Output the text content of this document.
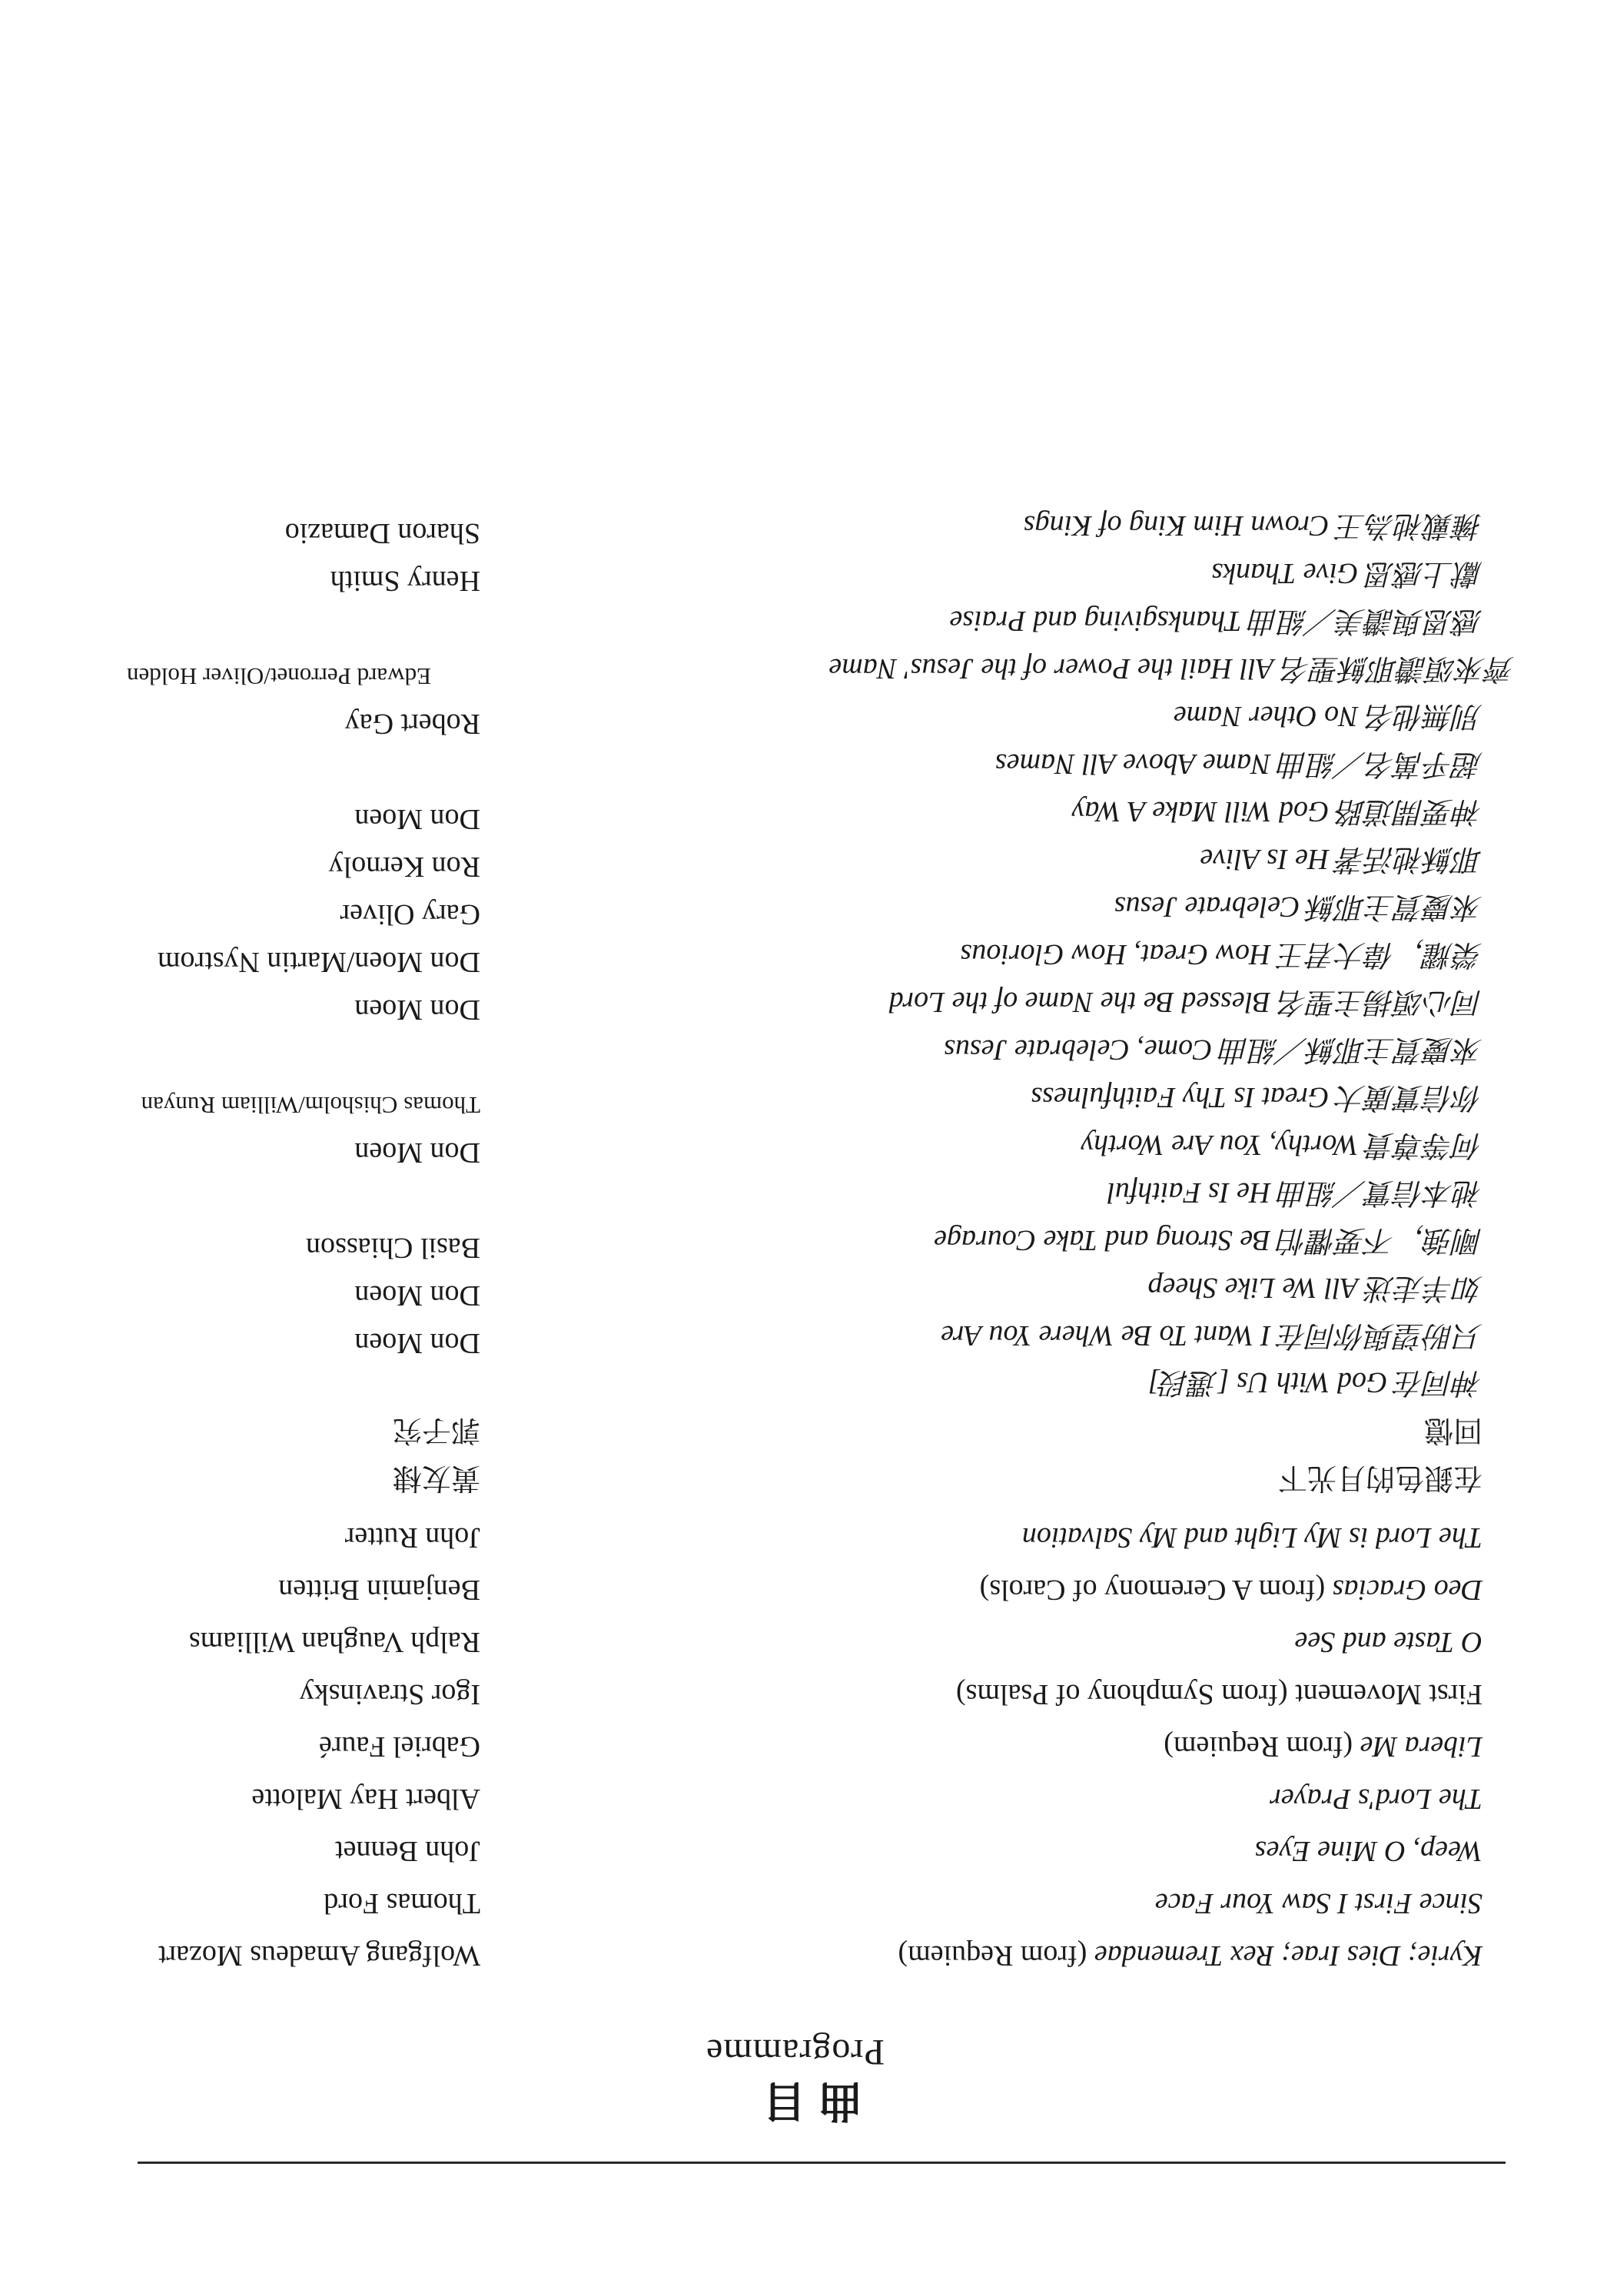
曲目
Programme
Kyrie; Dies Irae; Rex Tremendae (from Requiem)
Wolfgang Amadeus Mozart
Since First I Saw Your Face
Thomas Ford
Weep, O Mine Eyes
John Bennet
The Lord's Prayer
Albert Hay Malotte
Libera Me (from Requiem)
Gabriel Fauré
First Movement (from Symphony of Psalms)
Igor Stravinsky
O Taste and See
Ralph Vaughan Williams
Deo Gracias (from A Ceremony of Carols)
Benjamin Britten
The Lord is My Light and My Salvation
John Rutter
在銀色的月光下
黃友棣
回憶
郭子究
神同在 God With Us [選段]
只盼望與你同在 I Want To Be Where You Are
Don Moen
如羊走迷 All We Like Sheep
Don Moen
剛強，不要懼怕 Be Strong and Take Courage
Basil Chiasson
祂本信實／組曲 He Is Faithful
何等尊貴 Worthy, You Are Worthy
Don Moen
你信實廣大 Great Is Thy Faithfulness
Thomas Chisholm/William Runyan
來慶賀主耶穌／組曲 Come, Celebrate Jesus
同心頌揚主聖名 Blessed Be the Name of the Lord
Don Moen
榮耀，偉大君王 How Great, How Glorious
Don Moen/Martin Nystrom
來慶賀主耶穌 Celebrate Jesus
Gary Oliver
耶穌祂活著 He Is Alive
Ron Kernoly
神要開道路 God Will Make A Way
Don Moen
超乎萬名／組曲 Name Above All Names
別無他名 No Other Name
Robert Gay
齊來頌讚耶穌聖名 All Hail the Power of the Jesus' Name
Edward Perronet/Oliver Holden
感恩與讚美／組曲 Thanksgiving and Praise
獻上感恩 Give Thanks
Henry Smith
擁戴祂為王 Crown Him King of Kings
Sharon Damazio
